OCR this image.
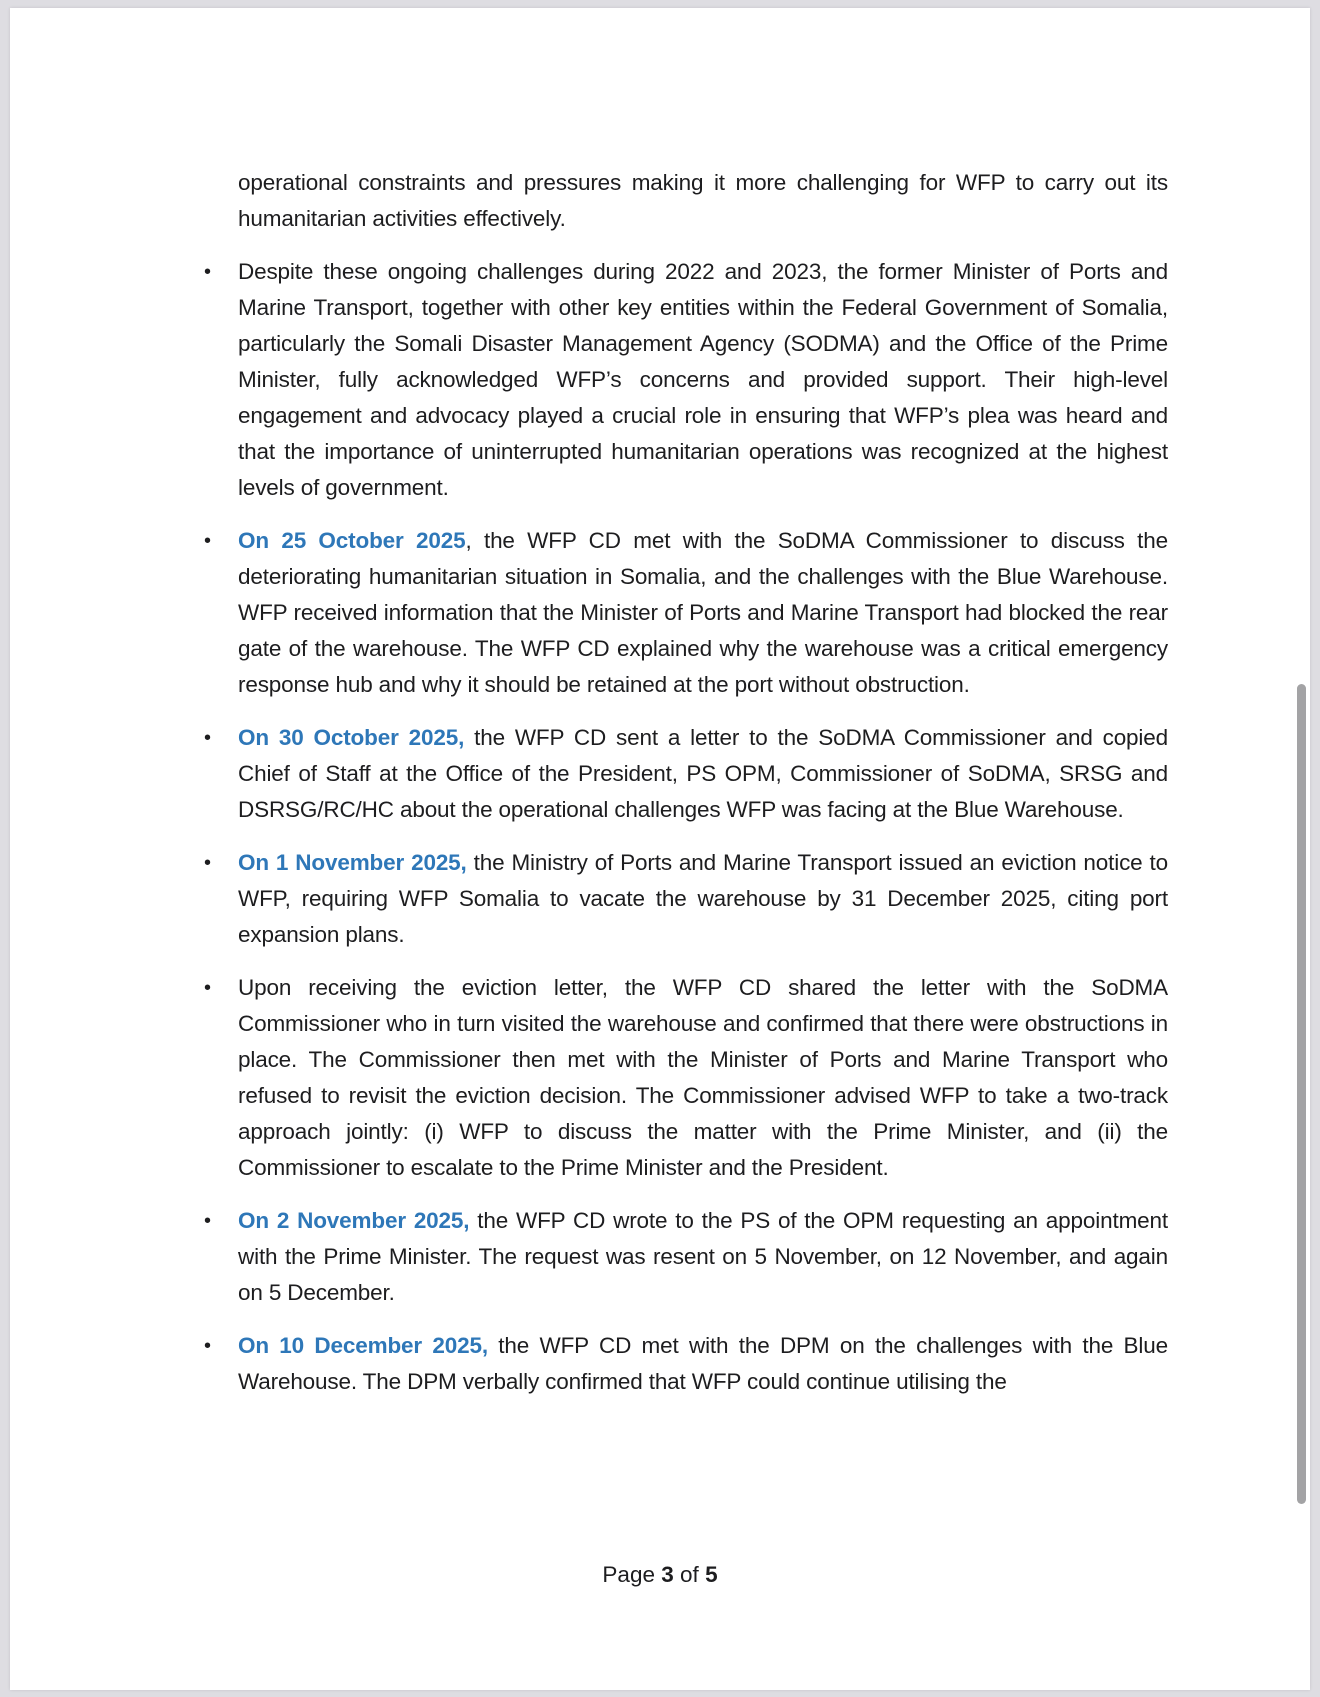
operational constraints and pressures making it more challenging for WFP to carry out its humanitarian activities effectively.

•	Despite these ongoing challenges during 2022 and 2023, the former Minister of Ports and Marine Transport, together with other key entities within the Federal Government of Somalia, particularly the Somali Disaster Management Agency (SODMA) and the Office of the Prime Minister, fully acknowledged WFP’s concerns and provided support. Their high-level engagement and advocacy played a crucial role in ensuring that WFP’s plea was heard and that the importance of uninterrupted humanitarian operations was recognized at the highest levels of government.
•	On 25 October 2025, the WFP CD met with the SoDMA Commissioner to discuss the deteriorating humanitarian situation in Somalia, and the challenges with the Blue Warehouse. WFP received information that the Minister of Ports and Marine Transport had blocked the rear gate of the warehouse. The WFP CD explained why the warehouse was a critical emergency response hub and why it should be retained at the port without obstruction.
•	On 30 October 2025, the WFP CD sent a letter to the SoDMA Commissioner and copied Chief of Staff at the Office of the President, PS OPM, Commissioner of SoDMA, SRSG and DSRSG/RC/HC about the operational challenges WFP was facing at the Blue Warehouse.
•	On 1 November 2025, the Ministry of Ports and Marine Transport issued an eviction notice to WFP, requiring WFP Somalia to vacate the warehouse by 31 December 2025, citing port expansion plans.
•	Upon receiving the eviction letter, the WFP CD shared the letter with the SoDMA Commissioner who in turn visited the warehouse and confirmed that there were obstructions in place. The Commissioner then met with the Minister of Ports and Marine Transport who refused to revisit the eviction decision. The Commissioner advised WFP to take a two-track approach jointly: (i) WFP to discuss the matter with the Prime Minister, and (ii) the Commissioner to escalate to the Prime Minister and the President.
•	On 2 November 2025, the WFP CD wrote to the PS of the OPM requesting an appointment with the Prime Minister. The request was resent on 5 November, on 12 November, and again on 5 December.
•	On 10 December 2025, the WFP CD met with the DPM on the challenges with the Blue Warehouse. The DPM verbally confirmed that WFP could continue utilising the
Page 3 of 5
